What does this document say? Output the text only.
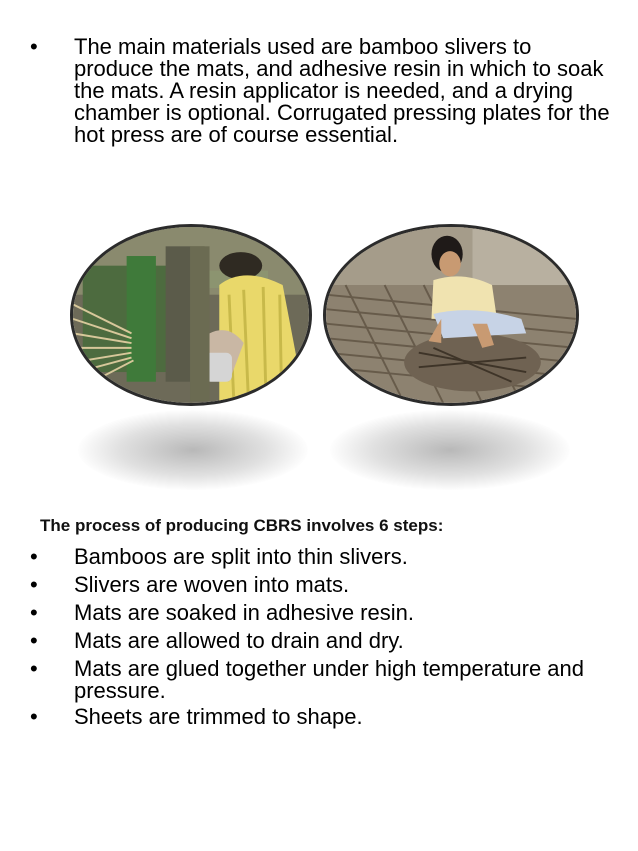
•	The main materials used are bamboo slivers to produce the mats, and adhesive resin in which to soak the mats. A resin applicator is needed, and a drying chamber is optional. Corrugated pressing plates for the hot press are of course essential.
The process of producing CBRS involves 6 steps:
•	Bamboos are split into thin slivers.
•	Slivers are woven into mats.
•	Mats are soaked in adhesive resin.
•	Mats are allowed to drain and dry.
•	Mats are glued together under high temperature and pressure.
•	Sheets are trimmed to shape.
